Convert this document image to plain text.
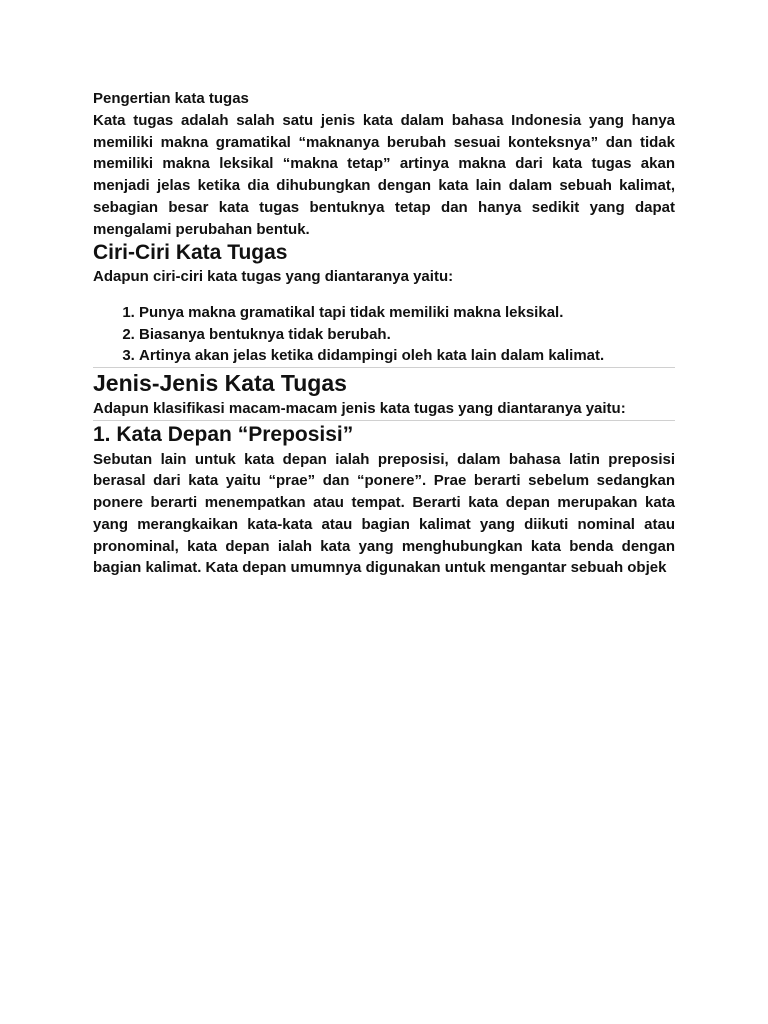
Pengertian kata tugas

Kata tugas adalah salah satu jenis kata dalam bahasa Indonesia yang hanya memiliki makna gramatikal “maknanya berubah sesuai konteksnya” dan tidak memiliki makna leksikal “makna tetap” artinya makna dari kata tugas akan menjadi jelas ketika dia dihubungkan dengan kata lain dalam sebuah kalimat, sebagian besar kata tugas bentuknya tetap dan hanya sedikit yang dapat mengalami perubahan bentuk.

Ciri-Ciri Kata Tugas

Adapun ciri-ciri kata tugas yang diantaranya yaitu:

1. Punya makna gramatikal tapi tidak memiliki makna leksikal.
2. Biasanya bentuknya tidak berubah.
3. Artinya akan jelas ketika didampingi oleh kata lain dalam kalimat.
Jenis-Jenis Kata Tugas

Adapun klasifikasi macam-macam jenis kata tugas yang diantaranya yaitu:

1. Kata Depan “Preposisi”

Sebutan lain untuk kata depan ialah preposisi, dalam bahasa latin preposisi berasal dari kata yaitu “prae” dan “ponere”. Prae berarti sebelum sedangkan ponere berarti menempatkan atau tempat. Berarti kata depan merupakan kata yang merangkaikan kata-kata atau bagian kalimat yang diikuti nominal atau pronominal, kata depan ialah kata yang menghubungkan kata benda dengan bagian kalimat. Kata depan umumnya digunakan untuk mengantar sebuah objek
